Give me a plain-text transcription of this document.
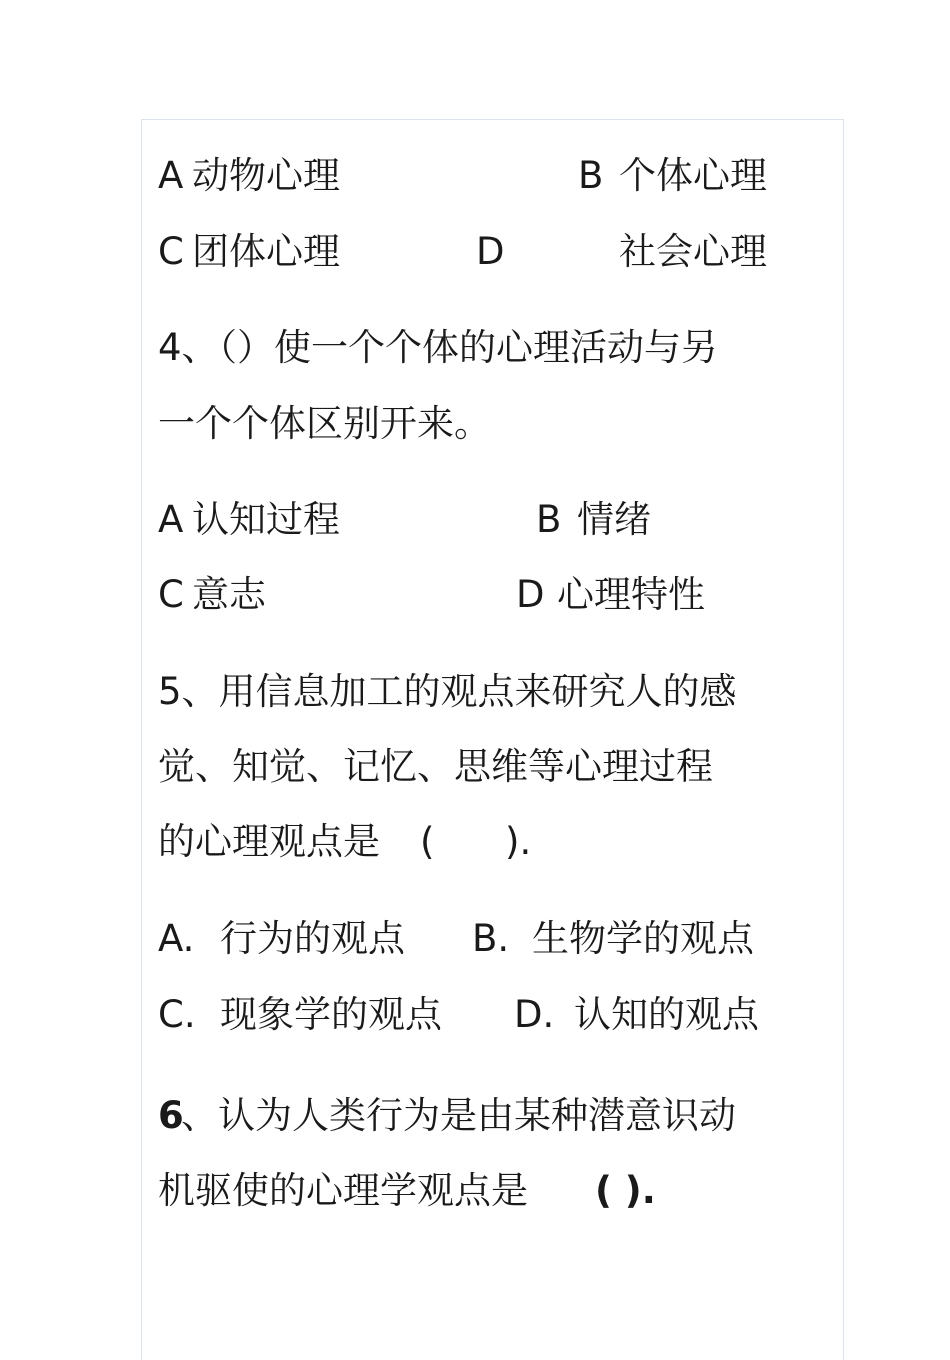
A 动物心理	B 个体心理
C 团体心理	D	社会心理
4、（）使一个个体的心理活动与另
一个个体区别开来。
A 认知过程	B 情绪
C 意志	D 心理特性
5、用信息加工的观点来研究人的感
觉、知觉、记忆、思维等心理过程
的心理观点是 (      ).
A. 行为的观点 B. 生物学的观点
C. 现象学的观点 D. 认知的观点
6
、认为人类行为是由某种潜意识动
机驱使的心理学观点是 ( ).
